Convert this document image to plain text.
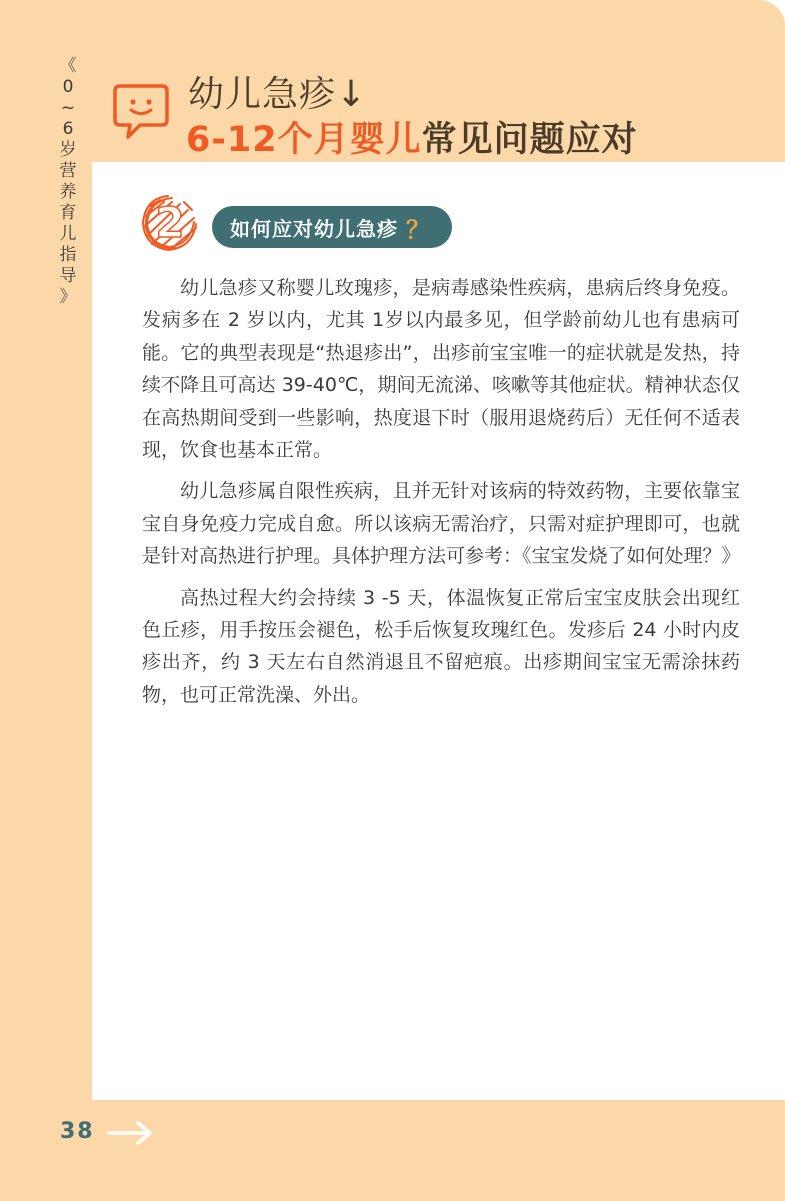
《
0
~
6
岁
营
养
育
儿
指
导
》
幼儿急疹↓
6-12个月婴儿常见问题应对
2 如何应对幼儿急疹 ？

幼儿急疹又称婴儿玫瑰疹，是病毒感染性疾病，患病后终身免疫。发病多在 2 岁以内，尤其 1岁以内最多见，但学龄前幼儿也有患病可能。它的典型表现是“热退疹出”，出疹前宝宝唯一的症状就是发热，持续不降且可高达 39-40℃，期间无流涕、咳嗽等其他症状。精神状态仅在高热期间受到一些影响，热度退下时（服用退烧药后）无任何不适表现，饮食也基本正常。

幼儿急疹属自限性疾病，且并无针对该病的特效药物，主要依靠宝宝自身免疫力完成自愈。所以该病无需治疗，只需对症护理即可，也就是针对高热进行护理。具体护理方法可参考：《宝宝发烧了如何处理？》

高热过程大约会持续 3 -5 天，体温恢复正常后宝宝皮肤会出现红色丘疹，用手按压会褪色，松手后恢复玫瑰红色。发疹后 24 小时内皮疹出齐，约 3 天左右自然消退且不留疤痕。出疹期间宝宝无需涂抹药物，也可正常洗澡、外出。

38
